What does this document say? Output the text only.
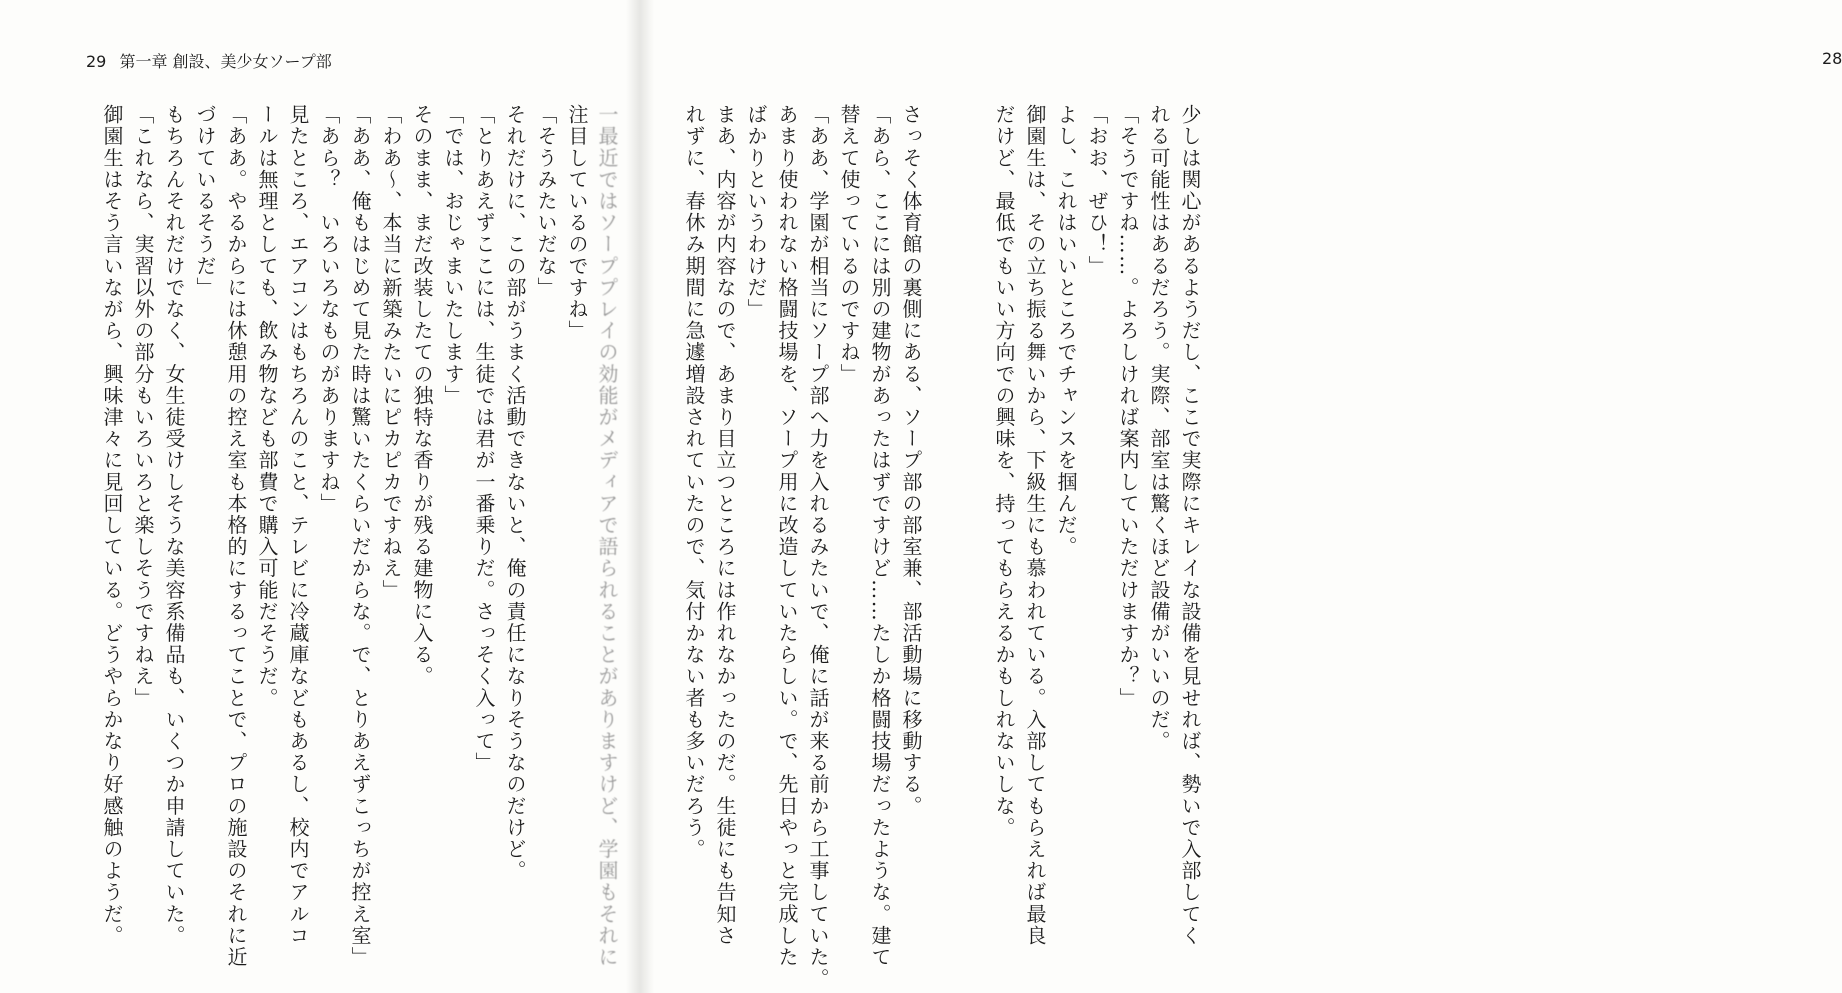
29 第一章 創設、美少女ソープ部	28
一最近ではソーププレイの効能がメディアで語られることがありますけど、学園もそれに
注目しているのですね」
「そうみたいだな」
それだけに、この部がうまく活動できないと、俺の責任になりそうなのだけど。
「とりあえずここには、生徒では君が一番乗りだ。さっそく入って」
「では、おじゃまいたします」
そのまま、まだ改装したての独特な香りが残る建物に入る。
「わあ〜、本当に新築みたいにピカピカですねえ」
「ああ、俺もはじめて見た時は驚いたくらいだからな。で、とりあえずこっちが控え室」
「あら？　いろいろなものがありますね」
見たところ、エアコンはもちろんのこと、テレビに冷蔵庫などもあるし、校内でアルコ
ールは無理としても、飲み物なども部費で購入可能だそうだ。
「ああ。やるからには休憩用の控え室も本格的にするってことで、プロの施設のそれに近
づけているそうだ」
もちろんそれだけでなく、女生徒受けしそうな美容系備品も、いくつか申請していた。
「これなら、実習以外の部分もいろいろと楽しそうですねえ」
御園生はそう言いながら、興味津々に見回している。どうやらかなり好感触のようだ。	少しは関心があるようだし、ここで実際にキレイな設備を見せれば、勢いで入部してく
れる可能性はあるだろう。実際、部室は驚くほど設備がいいのだ。
「そうですね……。よろしければ案内していただけますか？」
「おお、ぜひ！」
よし、これはいいところでチャンスを掴んだ。
御園生は、その立ち振る舞いから、下級生にも慕われている。入部してもらえれば最良
だけど、最低でもいい方向での興味を、持ってもらえるかもしれないしな。
さっそく体育館の裏側にある、ソープ部の部室兼、部活動場に移動する。
「あら、ここには別の建物があったはずですけど……たしか格闘技場だったような。建て
替えて使っているのですね」
「ああ、学園が相当にソープ部へ力を入れるみたいで、俺に話が来る前から工事していた。
あまり使われない格闘技場を、ソープ用に改造していたらしい。で、先日やっと完成した
ばかりというわけだ」
まあ、内容が内容なので、あまり目立つところには作れなかったのだ。生徒にも告知さ
れずに、春休み期間に急遽増設されていたので、気付かない者も多いだろう。
